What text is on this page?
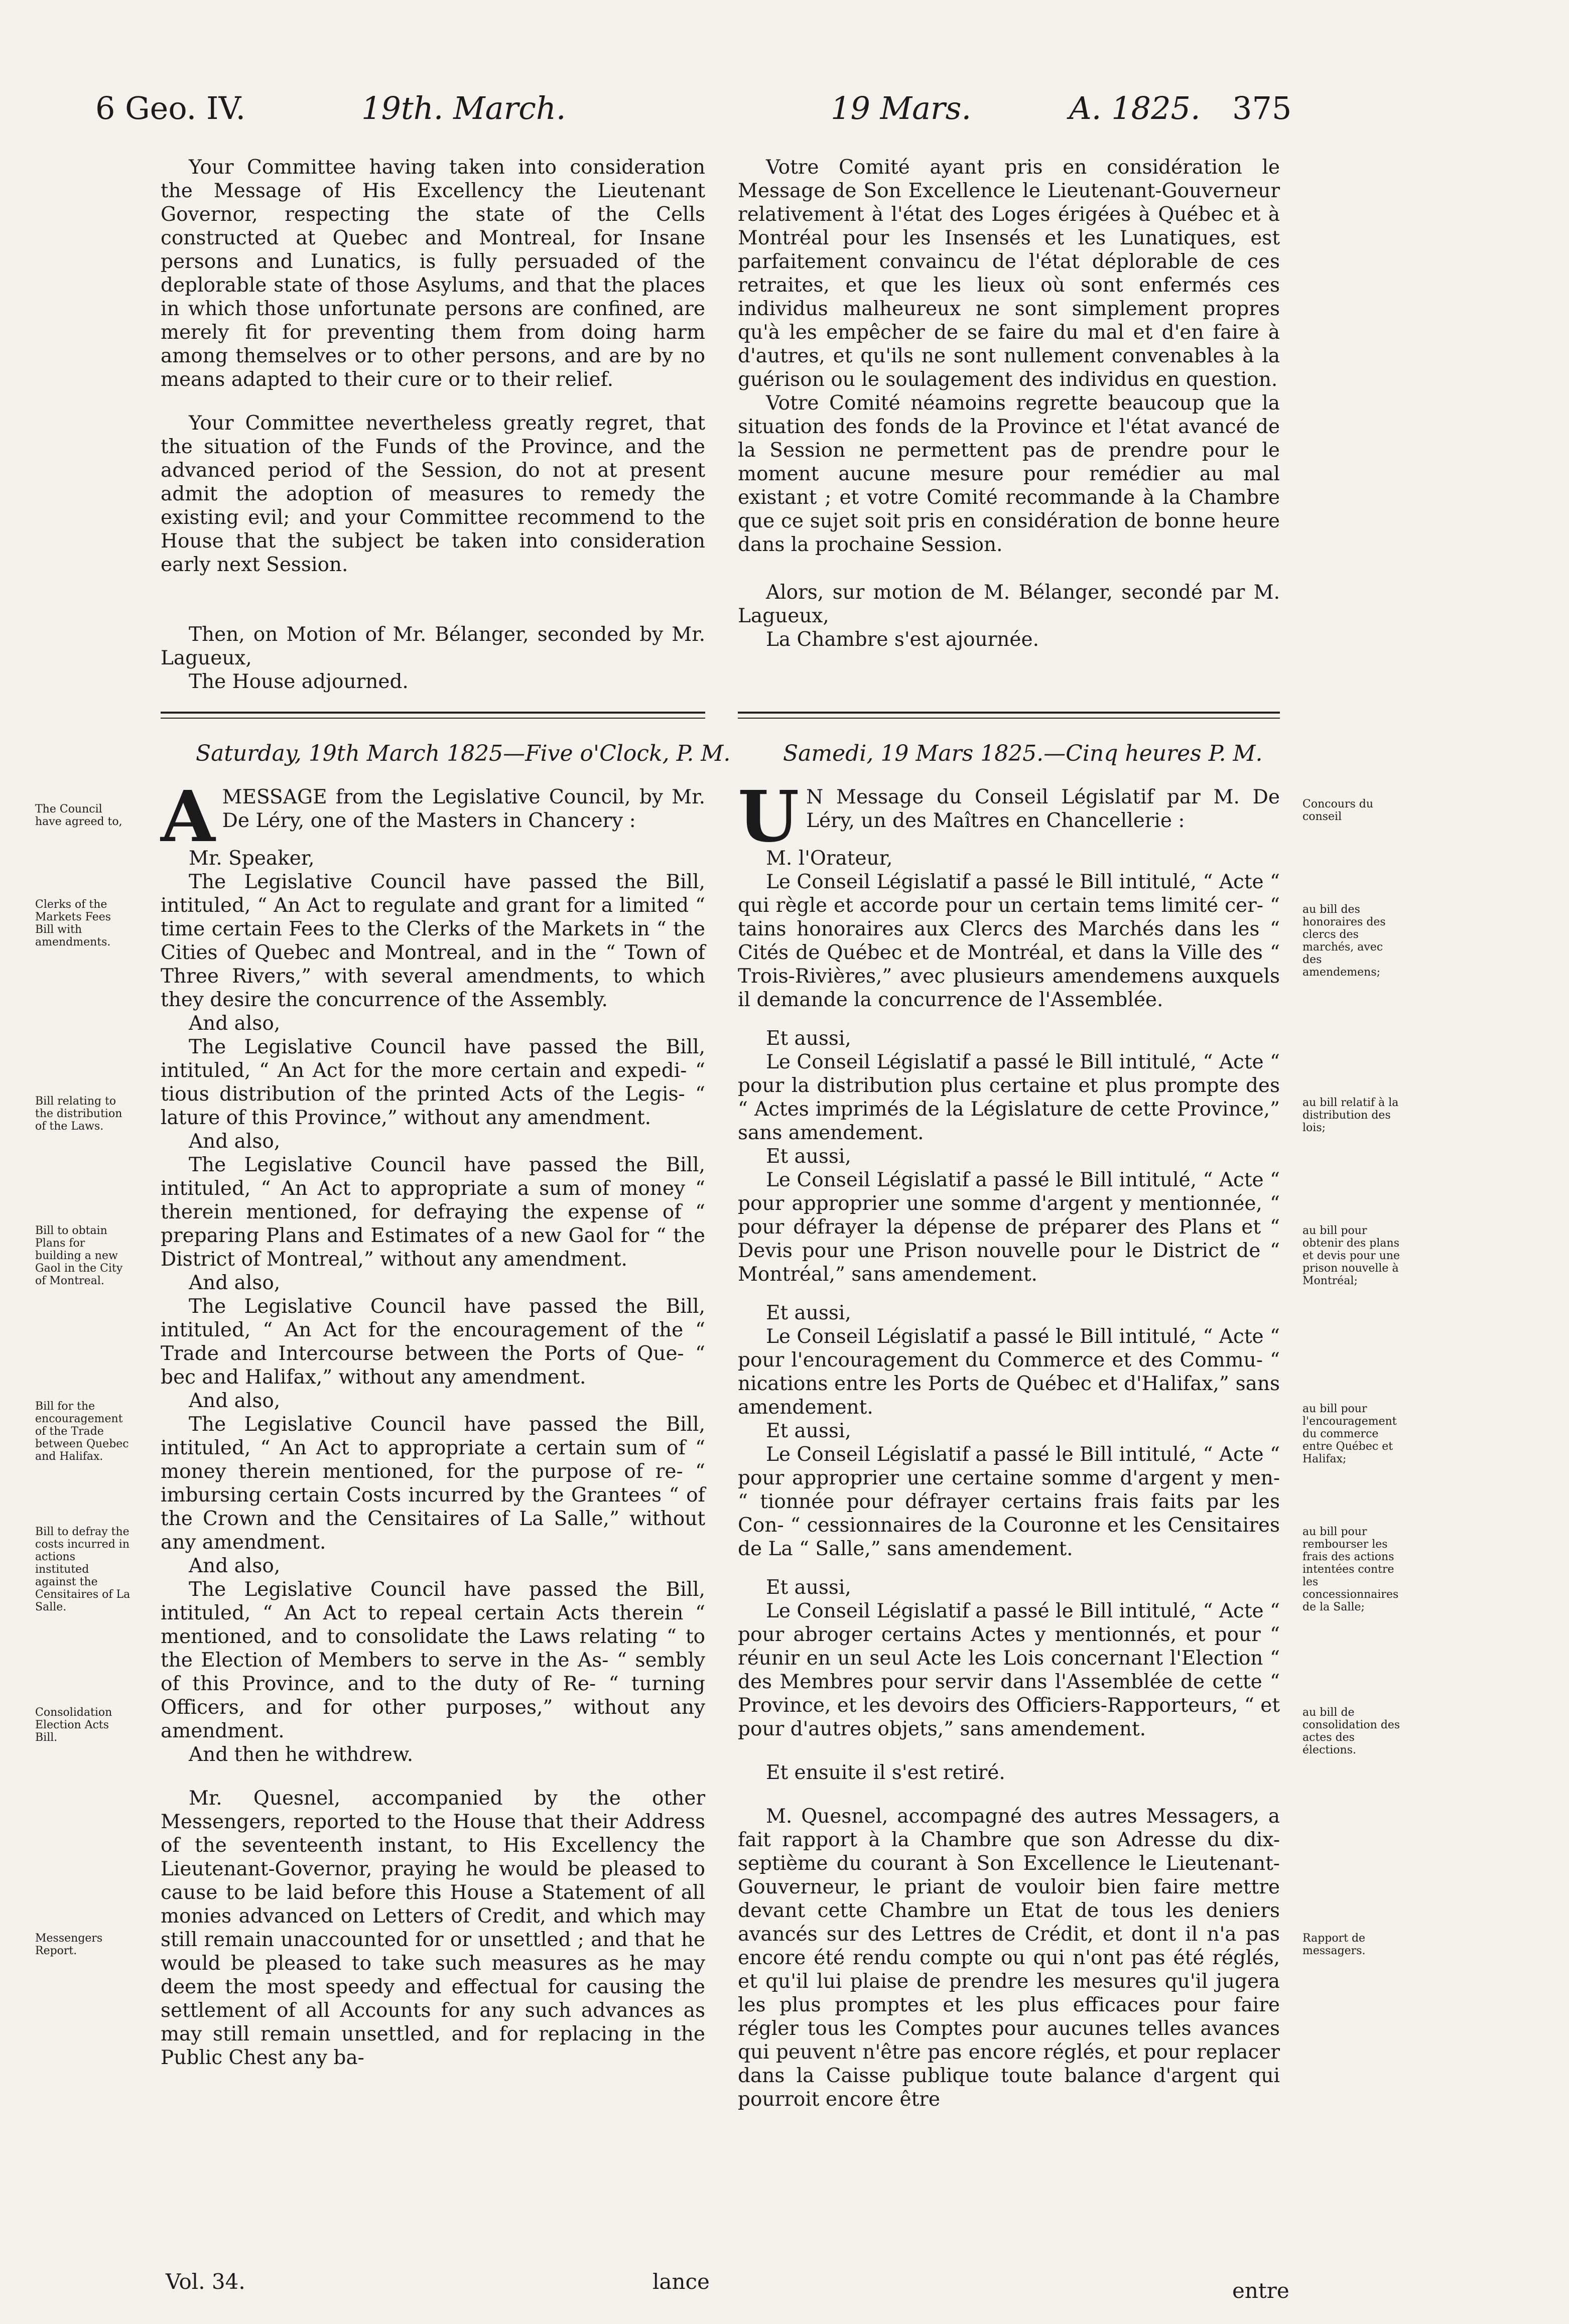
6 Geo. IV.	19th. March.	19 Mars.	A. 1825. 375

Your Committee having taken into consideration the Message of His Excellency the Lieutenant Governor, respecting the state of the Cells constructed at Quebec and Montreal, for Insane persons and Lunatics, is fully persuaded of the deplorable state of those Asylums, and that the places in which those unfortunate persons are confined, are merely fit for preventing them from doing harm among themselves or to other persons, and are by no means adapted to their cure or to their relief.

Your Committee nevertheless greatly regret, that the situation of the Funds of the Province, and the advanced period of the Session, do not at present admit the adoption of measures to remedy the existing evil; and your Committee recommend to the House that the subject be taken into consideration early next Session.

Then, on Motion of Mr. Bélanger, seconded by Mr. Lagueux,

The House adjourned.

Votre Comité ayant pris en considération le Message de Son Excellence le Lieutenant-Gouverneur relativement à l'état des Loges érigées à Québec et à Montréal pour les Insensés et les Lunatiques, est parfaitement convaincu de l'état déplorable de ces retraites, et que les lieux où sont enfermés ces individus malheureux ne sont simplement propres qu'à les empêcher de se faire du mal et d'en faire à d'autres, et qu'ils ne sont nullement convenables à la guérison ou le soulagement des individus en question.

Votre Comité néamoins regrette beaucoup que la situation des fonds de la Province et l'état avancé de la Session ne permettent pas de prendre pour le moment aucune mesure pour remédier au mal existant ; et votre Comité recommande à la Chambre que ce sujet soit pris en considération de bonne heure dans la prochaine Session.

Alors, sur motion de M. Bélanger, secondé par M. Lagueux,

La Chambre s'est ajournée.

Saturday, 19th March 1825—Five o'Clock, P. M. Samedi, 19 Mars 1825.—Cinq heures P. M.

A MESSAGE from the Legislative Council, by Mr. De Léry, one of the Masters in Chancery :

Mr. Speaker,

The Legislative Council have passed the Bill, intituled, “ An Act to regulate and grant for a limited “ time certain Fees to the Clerks of the Markets in “ the Cities of Quebec and Montreal, and in the “ Town of Three Rivers,” with several amendments, to which they desire the concurrence of the Assembly.

And also,

The Legislative Council have passed the Bill, intituled, “ An Act for the more certain and expedi- “ tious distribution of the printed Acts of the Legis- “ lature of this Province,” without any amendment.

And also,

The Legislative Council have passed the Bill, intituled, “ An Act to appropriate a sum of money “ therein mentioned, for defraying the expense of “ preparing Plans and Estimates of a new Gaol for “ the District of Montreal,” without any amendment.

And also,

The Legislative Council have passed the Bill, intituled, “ An Act for the encouragement of the “ Trade and Intercourse between the Ports of Que- “ bec and Halifax,” without any amendment.

And also,

The Legislative Council have passed the Bill, intituled, “ An Act to appropriate a certain sum of “ money therein mentioned, for the purpose of re- “ imbursing certain Costs incurred by the Grantees “ of the Crown and the Censitaires of La Salle,” without any amendment.

And also,

The Legislative Council have passed the Bill, intituled, “ An Act to repeal certain Acts therein “ mentioned, and to consolidate the Laws relating “ to the Election of Members to serve in the As- “ sembly of this Province, and to the duty of Re- “ turning Officers, and for other purposes,” without any amendment.

And then he withdrew.

Mr. Quesnel, accompanied by the other Messengers, reported to the House that their Address of the seventeenth instant, to His Excellency the Lieutenant-Governor, praying he would be pleased to cause to be laid before this House a Statement of all monies advanced on Letters of Credit, and which may still remain unaccounted for or unsettled ; and that he would be pleased to take such measures as he may deem the most speedy and effectual for causing the settlement of all Accounts for any such advances as may still remain unsettled, and for replacing in the Public Chest any ba-

U N Message du Conseil Législatif par M. De Léry, un des Maîtres en Chancellerie :

M. l'Orateur,

Le Conseil Législatif a passé le Bill intitulé, “ Acte “ qui règle et accorde pour un certain tems limité cer- “ tains honoraires aux Clercs des Marchés dans les “ Cités de Québec et de Montréal, et dans la Ville des “ Trois-Rivières,” avec plusieurs amendemens auxquels il demande la concurrence de l'Assemblée.

Et aussi,

Le Conseil Législatif a passé le Bill intitulé, “ Acte “ pour la distribution plus certaine et plus prompte des “ Actes imprimés de la Législature de cette Province,” sans amendement.

Et aussi,

Le Conseil Législatif a passé le Bill intitulé, “ Acte “ pour approprier une somme d'argent y mentionnée, “ pour défrayer la dépense de préparer des Plans et “ Devis pour une Prison nouvelle pour le District de “ Montréal,” sans amendement.

Et aussi,

Le Conseil Législatif a passé le Bill intitulé, “ Acte “ pour l'encouragement du Commerce et des Commu- “ nications entre les Ports de Québec et d'Halifax,” sans amendement.

Et aussi,

Le Conseil Législatif a passé le Bill intitulé, “ Acte “ pour approprier une certaine somme d'argent y men- “ tionnée pour défrayer certains frais faits par les Con- “ cessionnaires de la Couronne et les Censitaires de La “ Salle,” sans amendement.

Et aussi,

Le Conseil Législatif a passé le Bill intitulé, “ Acte “ pour abroger certains Actes y mentionnés, et pour “ réunir en un seul Acte les Lois concernant l'Election “ des Membres pour servir dans l'Assemblée de cette “ Province, et les devoirs des Officiers-Rapporteurs, “ et pour d'autres objets,” sans amendement.

Et ensuite il s'est retiré.

M. Quesnel, accompagné des autres Messagers, a fait rapport à la Chambre que son Adresse du dix-septième du courant à Son Excellence le Lieutenant-Gouverneur, le priant de vouloir bien faire mettre devant cette Chambre un Etat de tous les deniers avancés sur des Lettres de Crédit, et dont il n'a pas encore été rendu compte ou qui n'ont pas été réglés, et qu'il lui plaise de prendre les mesures qu'il jugera les plus promptes et les plus efficaces pour faire régler tous les Comptes pour aucunes telles avances qui peuvent n'être pas encore réglés, et pour replacer dans la Caisse publique toute balance d'argent qui pourroit encore être

Vol. 34.	lance	entre
The Council have agreed to,
Clerks of the Markets Fees Bill with amendments.
Bill relating to the distribution of the Laws.
Bill to obtain Plans for building a new Gaol in the City of Montreal.
Bill for the encouragement of the Trade between Quebec and Halifax.
Bill to defray the costs incurred in actions instituted against the Censitaires of La Salle.
Consolidation Election Acts Bill.
Messengers Report.
Concours du conseil
au bill des honoraires des clercs des marchés, avec des amendemens;
au bill relatif à la distribution des lois;
au bill pour obtenir des plans et devis pour une prison nouvelle à Montréal;
au bill pour l'encouragement du commerce entre Québec et Halifax;
au bill pour rembourser les frais des actions intentées contre les concessionnaires de la Salle;
au bill de consolidation des actes des élections.
Rapport de messagers.
